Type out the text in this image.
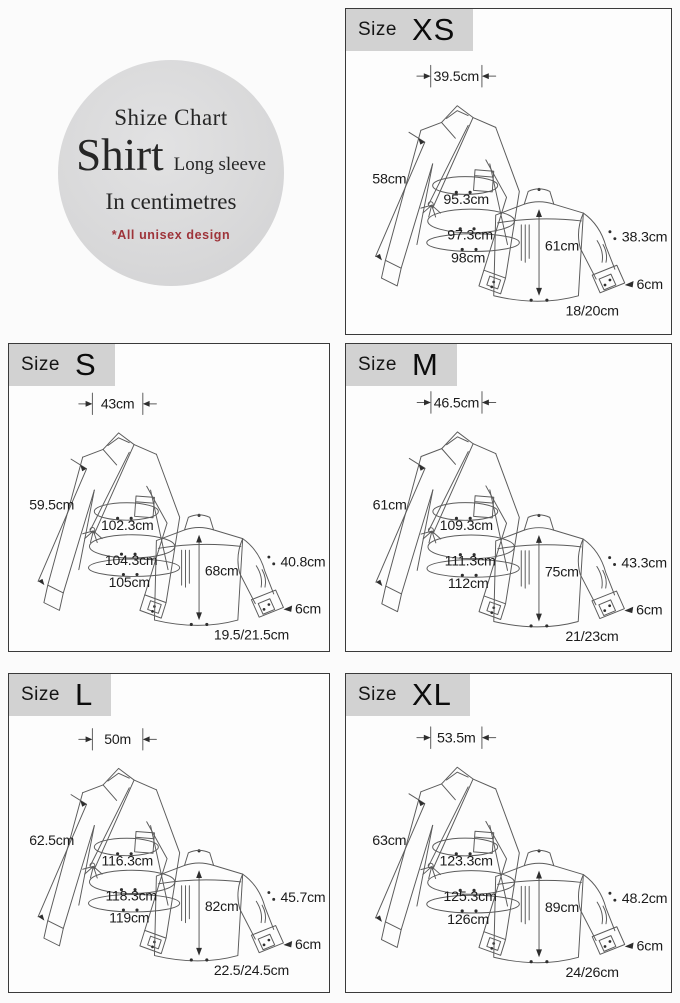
Shize Chart
Shirt Long sleeve
In centimetres
*All unisex design
Size XS
39.5cm
58cm
95.3cm
97.3cm
98cm
61cm
38.3cm
6cm
18/20cm
Size S
43cm
59.5cm
102.3cm
104.3cm
105cm
68cm
40.8cm
6cm
19.5/21.5cm
Size M
46.5cm
61cm
109.3cm
111.3cm
112cm
75cm
43.3cm
6cm
21/23cm
Size L
50m
62.5cm
116.3cm
118.3cm
119cm
82cm
45.7cm
6cm
22.5/24.5cm
Size XL
53.5m
63cm
123.3cm
125.3cm
126cm
89cm
48.2cm
6cm
24/26cm
